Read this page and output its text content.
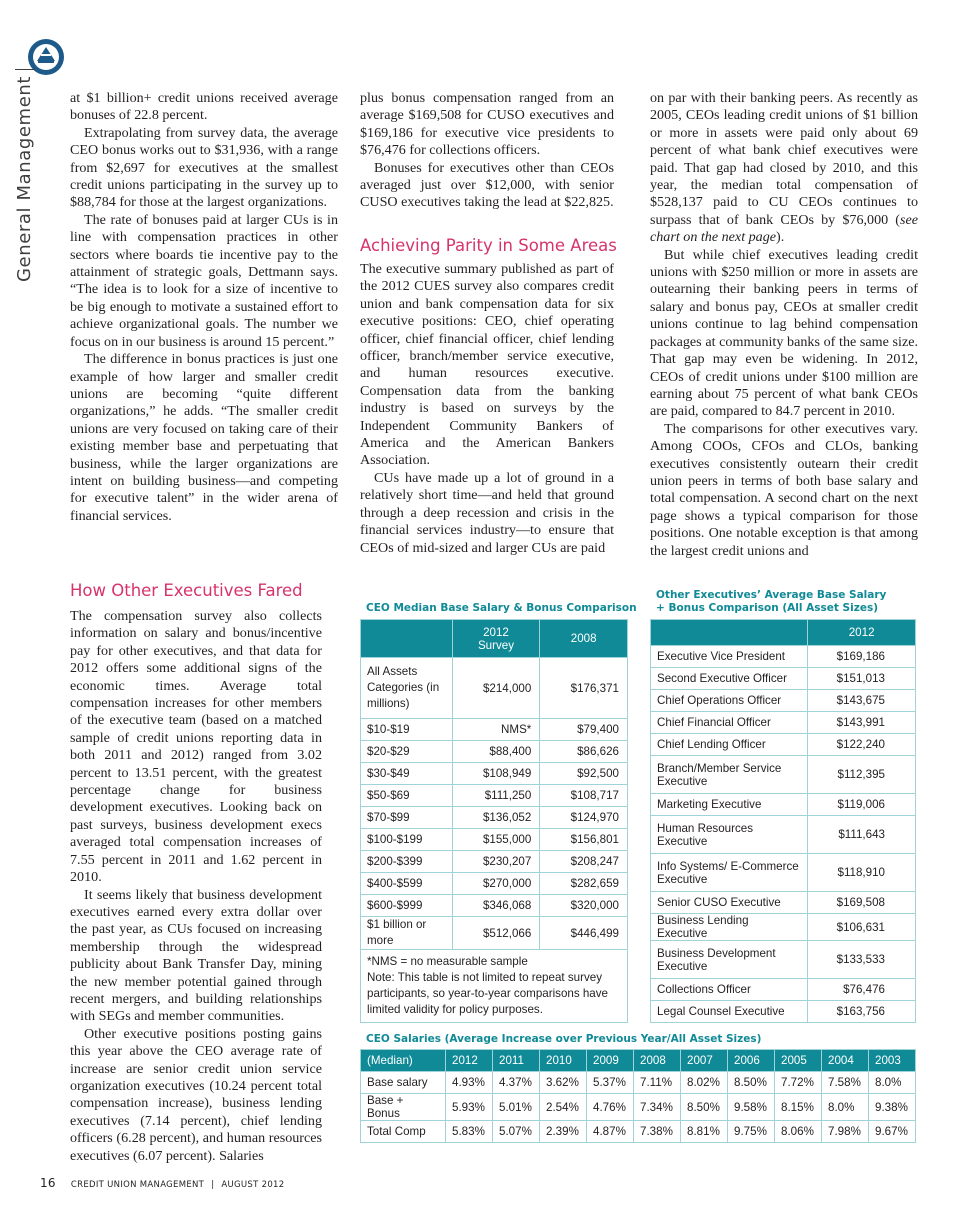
General Management	at $1 billion+ credit unions received average bonuses of 22.8 percent.

Extrapolating from survey data, the average CEO bonus works out to $31,936, with a range from $2,697 for executives at the smallest credit unions participating in the survey up to $88,784 for those at the largest organizations.

The rate of bonuses paid at larger CUs is in line with compensation practices in other sectors where boards tie incentive pay to the attainment of strategic goals, Dettmann says. “The idea is to look for a size of incentive to be big enough to motivate a sustained effort to achieve organizational goals. The number we focus on in our business is around 15 percent.”

The difference in bonus practices is just one example of how larger and smaller credit unions are becoming “quite different organizations,” he adds. “The smaller credit unions are very focused on taking care of their existing member base and perpetuating that business, while the larger organizations are intent on building business—and competing for executive talent” in the wider arena of financial services.

How Other Executives Fared

The compensation survey also collects information on salary and bonus/incentive pay for other executives, and that data for 2012 offers some additional signs of the economic times. Average total compensation increases for other members of the executive team (based on a matched sample of credit unions reporting data in both 2011 and 2012) ranged from 3.02 percent to 13.51 percent, with the greatest percentage change for business development executives. Looking back on past surveys, business development execs averaged total compensation increases of 7.55 percent in 2011 and 1.62 percent in 2010.

It seems likely that business development executives earned every extra dollar over the past year, as CUs focused on increasing membership through the widespread publicity about Bank Transfer Day, mining the new member potential gained through recent mergers, and building relationships with SEGs and member communities.

Other executive positions posting gains this year above the CEO average rate of increase are senior credit union service organization executives (10.24 percent total compensation increase), business lending executives (7.14 percent), chief lending officers (6.28 percent), and human resources executives (6.07 percent). Salaries

plus bonus compensation ranged from an average $169,508 for CUSO executives and $169,186 for executive vice presidents to $76,476 for collections officers.

Bonuses for executives other than CEOs averaged just over $12,000, with senior CUSO executives taking the lead at $22,825.

Achieving Parity in Some Areas

The executive summary published as part of the 2012 CUES survey also compares credit union and bank compensation data for six executive positions: CEO, chief operating officer, chief financial officer, chief lending officer, branch/member service executive, and human resources executive. Compensation data from the banking industry is based on surveys by the Independent Community Bankers of America and the American Bankers Association.

CUs have made up a lot of ground in a relatively short time—and held that ground through a deep recession and crisis in the financial services industry—to ensure that CEOs of mid-sized and larger CUs are paid

on par with their banking peers. As recently as 2005, CEOs leading credit unions of $1 billion or more in assets were paid only about 69 percent of what bank chief executives were paid. That gap had closed by 2010, and this year, the median total compensation of $528,137 paid to CU CEOs continues to surpass that of bank CEOs by $76,000 (see chart on the next page).

But while chief executives leading credit unions with $250 million or more in assets are outearning their banking peers in terms of salary and bonus pay, CEOs at smaller credit unions continue to lag behind compensation packages at community banks of the same size. That gap may even be widening. In 2012, CEOs of credit unions under $100 million are earning about 75 percent of what bank CEOs are paid, compared to 84.7 percent in 2010.

The comparisons for other executives vary. Among COOs, CFOs and CLOs, banking executives consistently outearn their credit union peers in terms of both base salary and total compensation. A second chart on the next page shows a typical comparison for those positions. One notable exception is that among the largest credit unions and

CEO Median Base Salary & Bonus Comparison
	2012
Survey	2008
All Assets Categories (in millions)	$214,000	$176,371
$10-$19	NMS*	$79,400
$20-$29	$88,400	$86,626
$30-$49	$108,949	$92,500
$50-$69	$111,250	$108,717
$70-$99	$136,052	$124,970
$100-$199	$155,000	$156,801
$200-$399	$230,207	$208,247
$400-$599	$270,000	$282,659
$600-$999	$346,068	$320,000
$1 billion or more	$512,066	$446,499

*NMS = no measurable sample
Note: This table is not limited to repeat survey participants, so year-to-year comparisons have limited validity for policy purposes.		
Other Executives’ Average Base Salary
+ Bonus Comparison (All Asset Sizes)
	2012
Executive Vice President	$169,186
Second Executive Officer	$151,013
Chief Operations Officer	$143,675
Chief Financial Officer	$143,991
Chief Lending Officer	$122,240
Branch/Member Service Executive	$112,395
Marketing Executive	$119,006
Human Resources Executive	$111,643
Info Systems/ E-Commerce Executive	$118,910
Senior CUSO Executive	$169,508
Business Lending Executive	$106,631
Business Development Executive	$133,533
Collections Officer	$76,476
Legal Counsel Executive	$163,756
CEO Salaries (Average Increase over Previous Year/All Asset Sizes)
(Median)	2012	2011	2010	2009	2008	2007	2006	2005	2004	2003
Base salary	4.93%	4.37%	3.62%	5.37%	7.11%	8.02%	8.50%	7.72%	7.58%	8.0%
Base + Bonus	5.93%	5.01%	2.54%	4.76%	7.34%	8.50%	9.58%	8.15%	8.0%	9.38%
Total Comp	5.83%	5.07%	2.39%	4.87%	7.38%	8.81%	9.75%	8.06%	7.98%	9.67%
16 CREDIT UNION MANAGEMENT | AUGUST 2012
